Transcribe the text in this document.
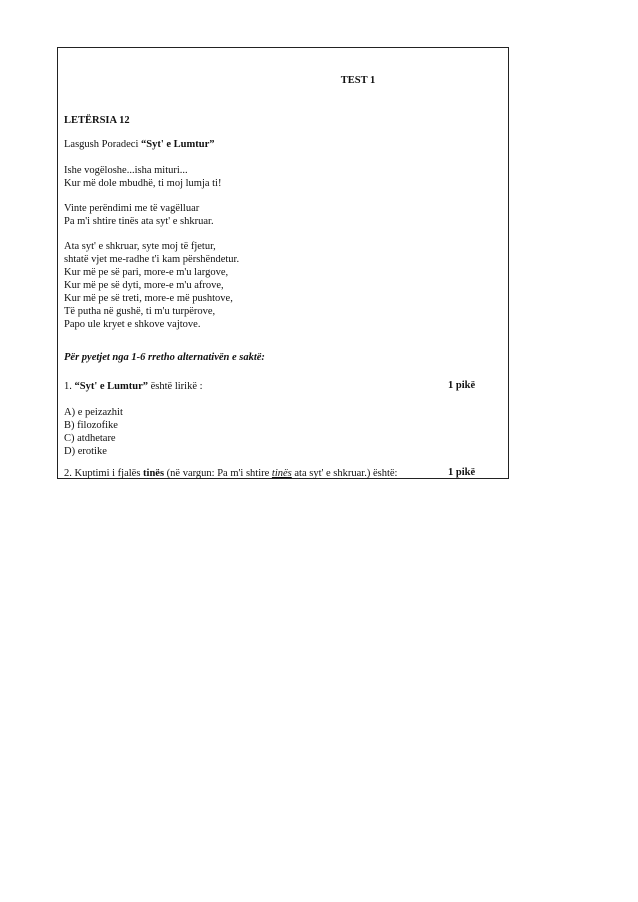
TEST 1
LETËRSIA 12
Lasgush Poradeci “Syt' e Lumtur”
Ishe vogëloshe...isha mituri...
Kur më dole mbudhë, ti moj lumja ti!
Vinte perëndimi me të vagëlluar
Pa m'i shtire tinës ata syt' e shkruar.
Ata syt' e shkruar, syte moj të fjetur,
shtatë vjet me-radhe t'i kam përshëndetur.
Kur më pe së pari, more-e m'u largove,
Kur më pe së dyti, more-e m'u afrove,
Kur më pe së treti, more-e më pushtove,
Të putha në gushë, ti m'u turpërove,
Papo ule kryet e shkove vajtove.
Për pyetjet nga 1-6 rretho alternativën e saktë:
1. “Syt' e Lumtur” është lirikë :	1 pikë
A) e peizazhit
B) filozofike
C) atdhetare
D) erotike
2. Kuptimi i fjalës tinës (në vargun: Pa m'i shtire tinës ata syt' e shkruar.) është:	1 pikë
